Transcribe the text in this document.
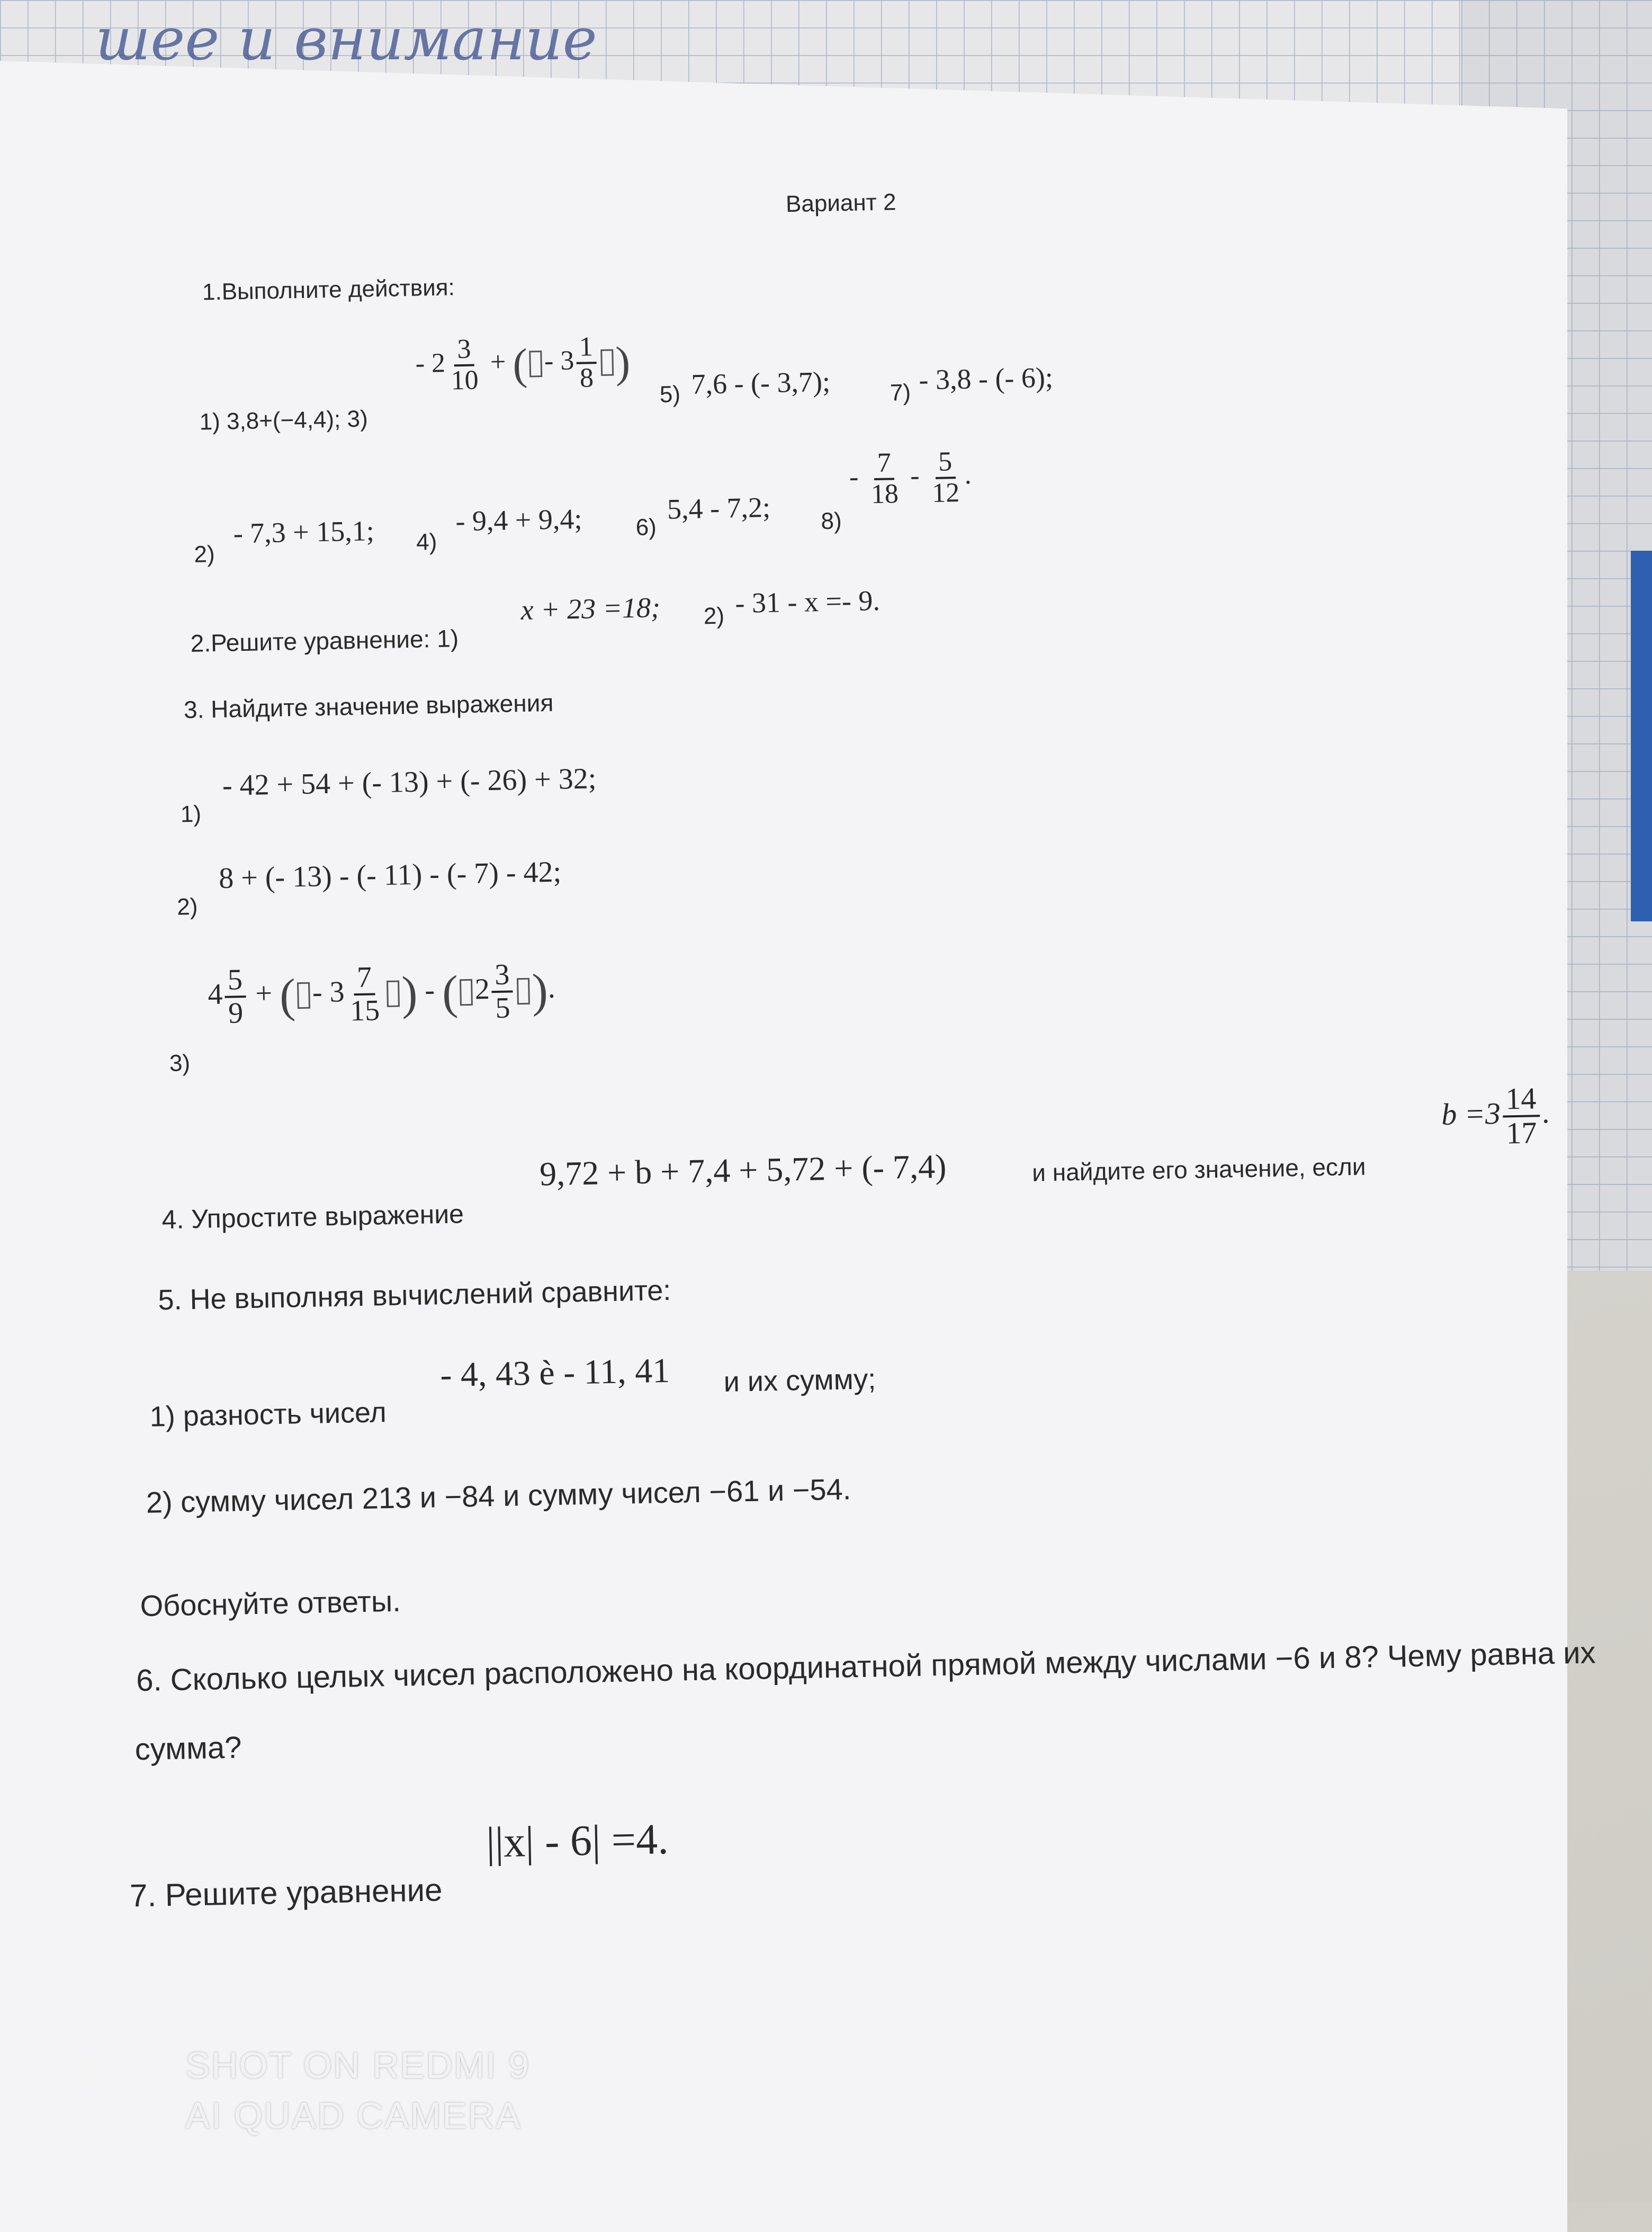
шее и внимание
Вариант 2
1.Выполните действия:
1) 3,8+(−4,4); 3)
- $2 \frac{3}{10}$ + ( - $3 \frac{1}{8}$ )
5) 7,6 - (- 3,7);	7) - 3,8 - (- 6);
2)
- 7,3 + 15,1; 4)
- 9,4 + 9,4; 6)
5,4 - 7,2; 8)
- $\frac{7}{18} - \frac{5}{12}$ .
2.Решите уравнение: 1)
x + 23 =18; 2) - 31 - x =- 9.
3. Найдите значение выражения
1)
- 42 + 54 + (- 13) + (- 26) + 32;
2)
8 + (- 13) - (- 11) - (- 7) - 42;
3)
$4 \frac{5}{9}$ + ( - $3 \frac{7}{15}$ ) - ( $2 \frac{3}{5}$ ).
4. Упростите выражение
9,72 + b + 7,4 + 5,72 + (- 7,4)	и найдите его значение, если
$b =3 \frac{14}{17}$ .
5. Не выполняя вычислений сравните:
1) разность чисел
- 4, 43 è - 11, 41 и их сумму;
2) сумму чисел 213 и −84 и сумму чисел −61 и −54.
Обоснуйте ответы.
6. Сколько целых чисел расположено на координатной прямой между числами −6 и 8? Чему равна их
сумма?
7. Решите уравнение
||x| - 6| =4.
SHOT ON REDMI 9
AI QUAD CAMERA
